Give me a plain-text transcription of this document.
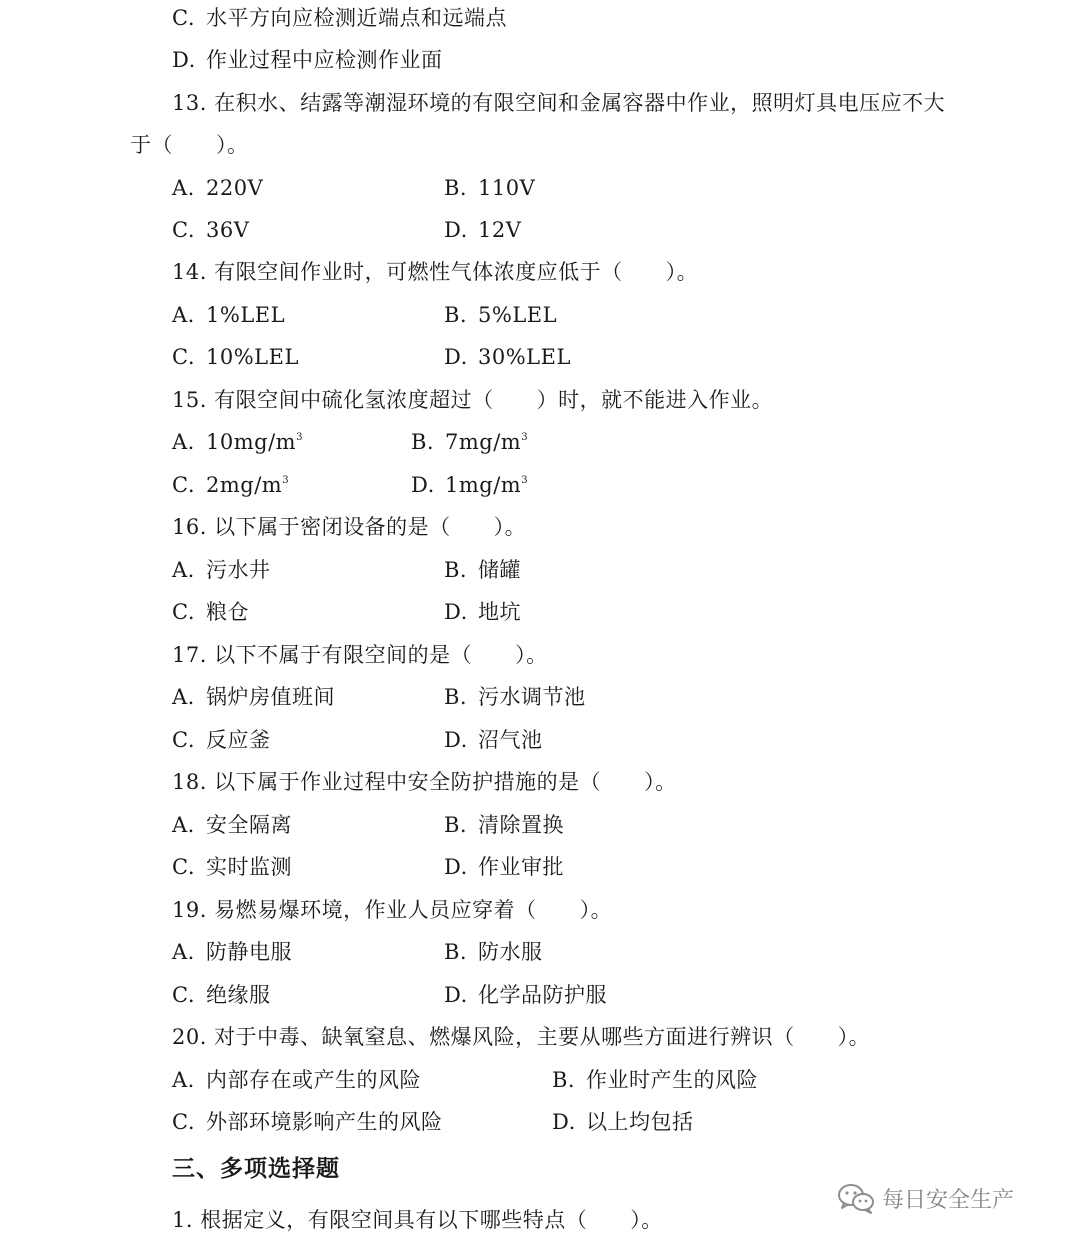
C. 水平方向应检测近端点和远端点
D. 作业过程中应检测作业面
13. 在积水、结露等潮湿环境的有限空间和金属容器中作业，照明灯具电压应不大
于（　　）。
A. 220V	B. 110V
C. 36V	D. 12V
14. 有限空间作业时，可燃性气体浓度应低于（　　）。
A. 1%LEL	B. 5%LEL
C. 10%LEL	D. 30%LEL
15. 有限空间中硫化氢浓度超过（　　）时，就不能进入作业。
A. $10mg/m^3$	B. $7mg/m^3$
C. $2mg/m^3$	D. $1mg/m^3$
16. 以下属于密闭设备的是（　　）。
A. 污水井	B. 储罐
C. 粮仓	D. 地坑
17. 以下不属于有限空间的是（　　）。
A. 锅炉房值班间	B. 污水调节池
C. 反应釜	D. 沼气池
18. 以下属于作业过程中安全防护措施的是（　　）。
A. 安全隔离	B. 清除置换
C. 实时监测	D. 作业审批
19. 易燃易爆环境，作业人员应穿着（　　）。
A. 防静电服	B. 防水服
C. 绝缘服	D. 化学品防护服
20. 对于中毒、缺氧窒息、燃爆风险，主要从哪些方面进行辨识（　　）。
A. 内部存在或产生的风险	B. 作业时产生的风险
C. 外部环境影响产生的风险	D. 以上均包括
三、多项选择题
1. 根据定义，有限空间具有以下哪些特点（　　）。
每日安全生产
